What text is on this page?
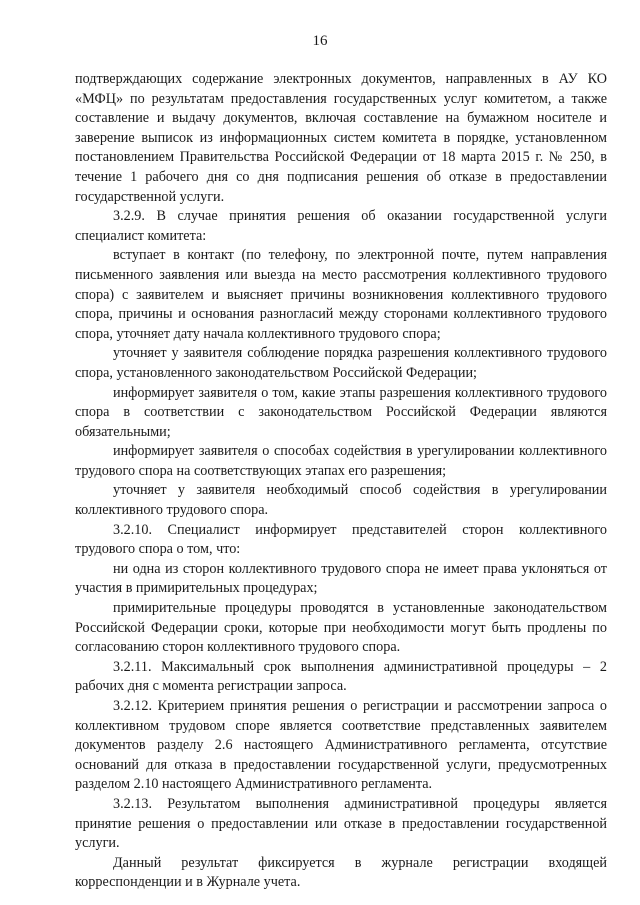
16

подтверждающих содержание электронных документов, направленных в АУ КО «МФЦ» по результатам предоставления государственных услуг комитетом, а также составление и выдачу документов, включая составление на бумажном носителе и заверение выписок из информационных систем комитета в порядке, установленном постановлением Правительства Российской Федерации от 18 марта 2015 г. № 250, в течение 1 рабочего дня со дня подписания решения об отказе в предоставлении государственной услуги.

3.2.9. В случае принятия решения об оказании государственной услуги специалист комитета:

вступает в контакт (по телефону, по электронной почте, путем направления письменного заявления или выезда на место рассмотрения коллективного трудового спора) с заявителем и выясняет причины возникновения коллективного трудового спора, причины и основания разногласий между сторонами коллективного трудового спора, уточняет дату начала коллективного трудового спора;

уточняет у заявителя соблюдение порядка разрешения коллективного трудового спора, установленного законодательством Российской Федерации;

информирует заявителя о том, какие этапы разрешения коллективного трудового спора в соответствии с законодательством Российской Федерации являются обязательными;

информирует заявителя о способах содействия в урегулировании коллективного трудового спора на соответствующих этапах его разрешения;

уточняет у заявителя необходимый способ содействия в урегулировании коллективного трудового спора.

3.2.10. Специалист информирует представителей сторон коллективного трудового спора о том, что:

ни одна из сторон коллективного трудового спора не имеет права уклоняться от участия в примирительных процедурах;

примирительные процедуры проводятся в установленные законодательством Российской Федерации сроки, которые при необходимости могут быть продлены по согласованию сторон коллективного трудового спора.

3.2.11. Максимальный срок выполнения административной процедуры – 2 рабочих дня с момента регистрации запроса.

3.2.12. Критерием принятия решения о регистрации и рассмотрении запроса о коллективном трудовом споре является соответствие представленных заявителем документов разделу 2.6 настоящего Административного регламента, отсутствие оснований для отказа в предоставлении государственной услуги, предусмотренных разделом 2.10 настоящего Административного регламента.

3.2.13. Результатом выполнения административной процедуры является принятие решения о предоставлении или отказе в предоставлении государственной услуги.

Данный результат фиксируется в журнале регистрации входящей корреспонденции и в Журнале учета.
